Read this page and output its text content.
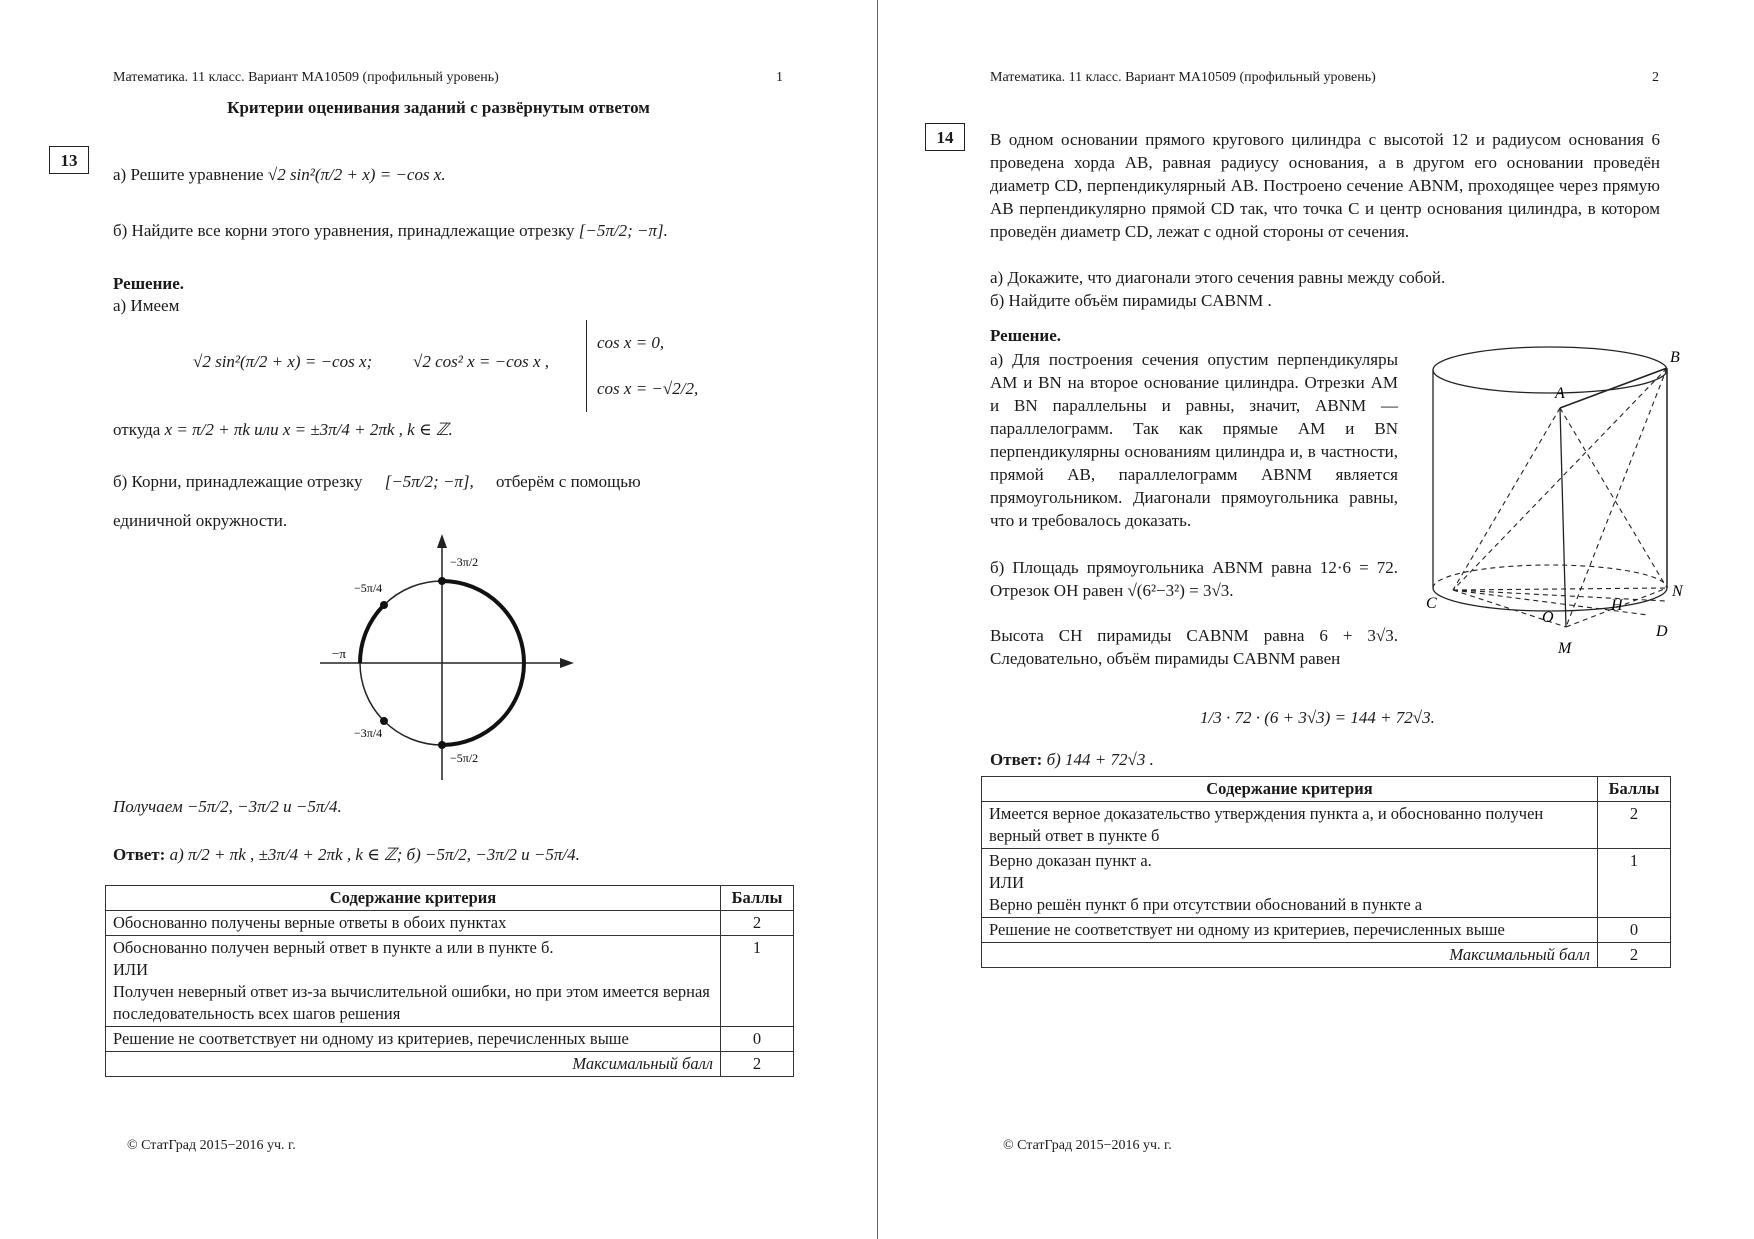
Математика. 11 класс. Вариант МА10509 (профильный уровень)	1
Критерии оценивания заданий с развёрнутым ответом
13
а) Решите уравнение √2 sin²(π/2 + x) = −cos x.
б) Найдите все корни этого уравнения, принадлежащие отрезку [−5π/2; −π].
Решение.
а) Имеем
√2 sin²(π/2 + x) = −cos x; √2 cos² x = −cos x ,
cos x = 0,
cos x = −√2/2,
откуда x = π/2 + πk или x = ±3π/4 + 2πk , k ∈ ℤ.
б) Корни, принадлежащие отрезку [−5π/2; −π], отберём с помощью
единичной окружности.
−3π/2
−5π/4
−π
−3π/4
−5π/2
Получаем −5π/2, −3π/2 и −5π/4.
Ответ: а) π/2 + πk , ±3π/4 + 2πk , k ∈ ℤ; б) −5π/2, −3π/2 и −5π/4.
Содержание критерия	Баллы
Обоснованно получены верные ответы в обоих пунктах	2

Обоснованно получен верный ответ в пункте а или в пункте б.
ИЛИ
Получен неверный ответ из-за вычислительной ошибки, но при этом имеется верная последовательность всех шагов решения	1
Решение не соответствует ни одному из критериев, перечисленных выше	0
Максимальный балл	2
© СтатГрад 2015−2016 уч. г.
Математика. 11 класс. Вариант МА10509 (профильный уровень)	2
14	В одном основании прямого кругового цилиндра с высотой 12 и радиусом основания 6 проведена хорда AB, равная радиусу основания, а в другом его основании проведён диаметр CD, перпендикулярный AB. Построено сечение ABNM, проходящее через прямую AB перпендикулярно прямой CD так, что точка C и центр основания цилиндра, в котором проведён диаметр CD, лежат с одной стороны от сечения.
а) Докажите, что диагонали этого сечения равны между собой.
б) Найдите объём пирамиды CABNM .
Решение.
а) Для построения сечения опустим перпендикуляры AM и BN на второе основание цилиндра. Отрезки AM и BN параллельны и равны, значит, ABNM — параллелограмм. Так как прямые AM и BN перпендикулярны основаниям цилиндра и, в частности, прямой AB, параллелограмм ABNM является прямоугольником. Диагонали прямоугольника равны, что и требовалось доказать.
б) Площадь прямоугольника ABNM равна 12·6 = 72. Отрезок OH равен √(6²−3²) = 3√3.
Высота CH пирамиды CABNM равна 6 + 3√3. Следовательно, объём пирамиды CABNM равен
1/3 · 72 · (6 + 3√3) = 144 + 72√3.
Ответ: б) 144 + 72√3 .
A
B
C
D
H
M
N
O
Содержание критерия	Баллы
Имеется верное доказательство утверждения пункта а, и обоснованно получен верный ответ в пункте б	2

Верно доказан пункт а.
ИЛИ
Верно решён пункт б при отсутствии обоснований в пункте а	1
Решение не соответствует ни одному из критериев, перечисленных выше	0
Максимальный балл	2
© СтатГрад 2015−2016 уч. г.
